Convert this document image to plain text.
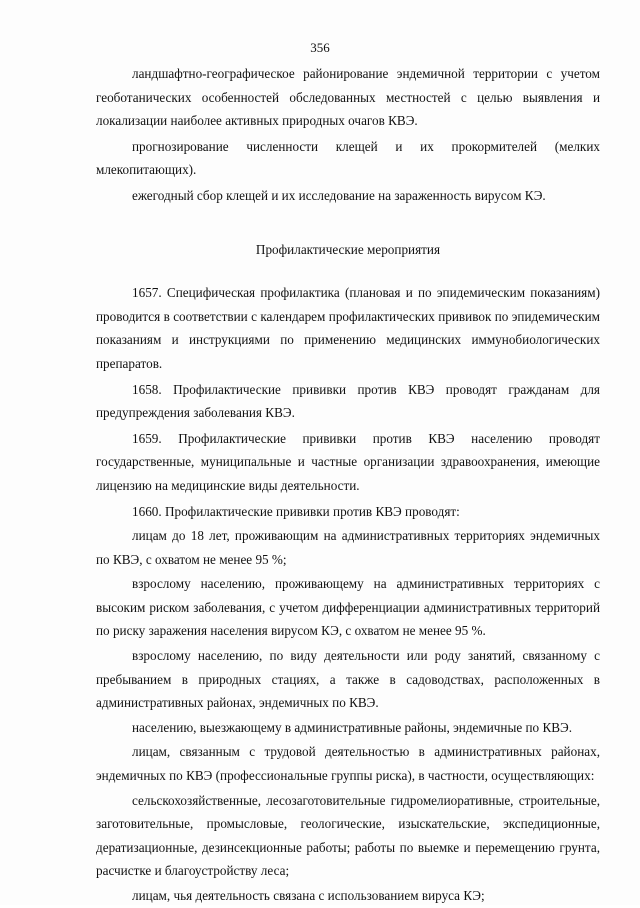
356

ландшафтно-географическое районирование эндемичной территории с учетом геоботанических особенностей обследованных местностей с целью выявления и локализации наиболее активных природных очагов КВЭ.

прогнозирование численности клещей и их прокормителей (мелких млекопитающих).

ежегодный сбор клещей и их исследование на зараженность вирусом КЭ.

Профилактические мероприятия

1657. Специфическая профилактика (плановая и по эпидемическим показаниям) проводится в соответствии с календарем профилактических прививок по эпидемическим показаниям и инструкциями по применению медицинских иммунобиологических препаратов.

1658. Профилактические прививки против КВЭ проводят гражданам для предупреждения заболевания КВЭ.

1659. Профилактические прививки против КВЭ населению проводят государственные, муниципальные и частные организации здравоохранения, имеющие лицензию на медицинские виды деятельности.

1660. Профилактические прививки против КВЭ проводят:

лицам до 18 лет, проживающим на административных территориях эндемичных по КВЭ, с охватом не менее 95 %;

взрослому населению, проживающему на административных территориях с высоким риском заболевания, с учетом дифференциации административных территорий по риску заражения населения вирусом КЭ, с охватом не менее 95 %.

взрослому населению, по виду деятельности или роду занятий, связанному с пребыванием в природных стациях, а также в садоводствах, расположенных в административных районах, эндемичных по КВЭ.

населению, выезжающему в административные районы, эндемичные по КВЭ.

лицам, связанным с трудовой деятельностью в административных районах, эндемичных по КВЭ (профессиональные группы риска), в частности, осуществляющих:

сельскохозяйственные, лесозаготовительные гидромелиоративные, строительные, заготовительные, промысловые, геологические, изыскательские, экспедиционные, дератизационные, дезинсекционные работы; работы по выемке и перемещению грунта, расчистке и благоустройству леса;

лицам, чья деятельность связана с использованием вируса КЭ;
